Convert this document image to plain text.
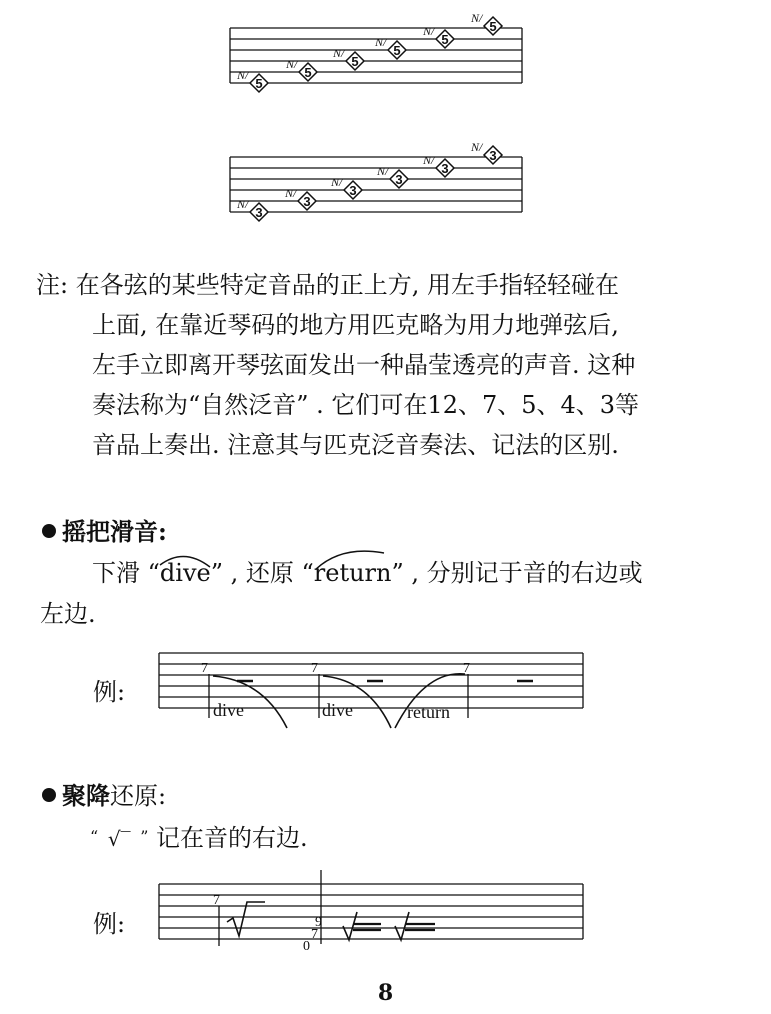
5
N/	5
N/	5
N/	5
N/	5
N/	5
N/
3
N/	3
N/	3
N/	3
N/	3
N/	3
N/
注: 在各弦的某些特定音品的正上方, 用左手指轻轻碰在
上面, 在靠近琴码的地方用匹克略为用力地弹弦后,
左手立即离开琴弦面发出一种晶莹透亮的声音. 这种
奏法称为“自然泛音” . 它们可在12、7、5、4、3等
音品上奏出. 注意其与匹克泛音奏法、记法的区别.
摇把滑音:
下滑 “
dive” , 还原 “
return” , 分别记于音的右边或
左边.
例:
7	7	7
dive	dive	return
聚降还原:
“ √‾ ” 记在音的右边.
例:
7
9
7
0
8
